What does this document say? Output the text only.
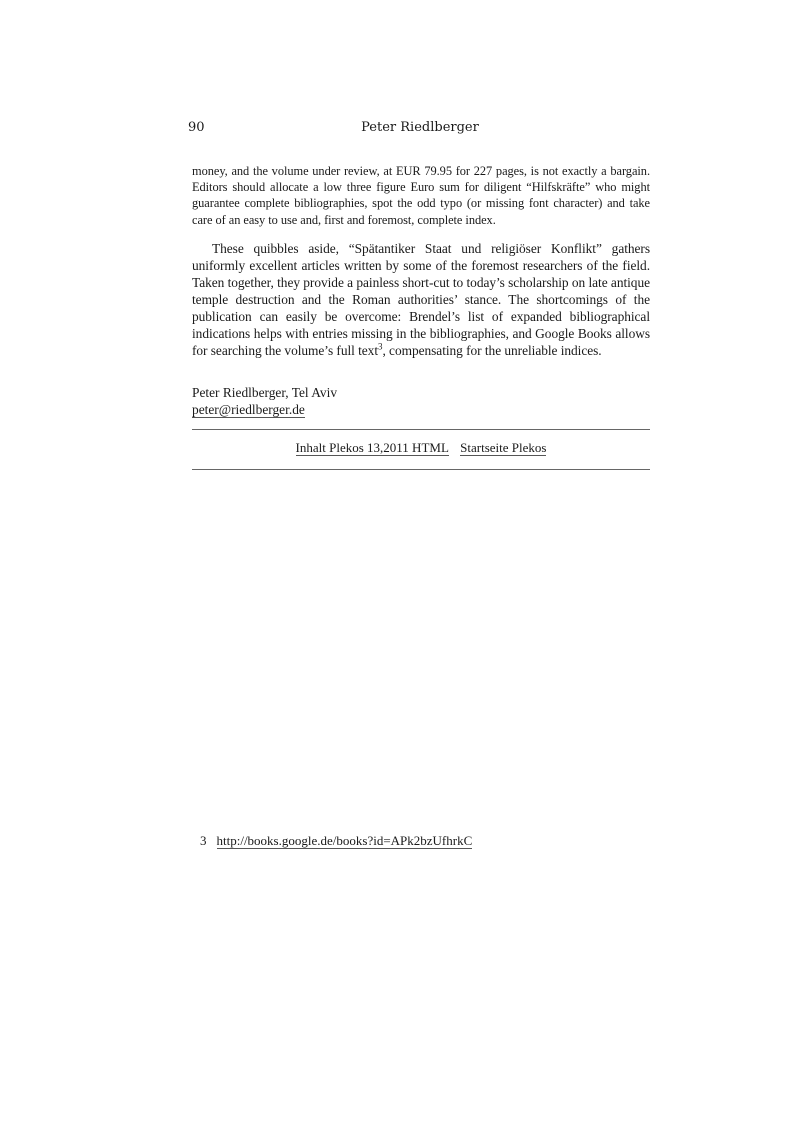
90	Peter Riedlberger
money, and the volume under review, at EUR 79.95 for 227 pages, is not exactly a bargain. Editors should allocate a low three figure Euro sum for diligent “Hilfskräfte” who might guarantee complete bibliographies, spot the odd typo (or missing font character) and take care of an easy to use and, first and foremost, complete index.
These quibbles aside, “Spätantiker Staat und religiöser Konflikt” gathers uniformly excellent articles written by some of the foremost researchers of the field. Taken together, they provide a painless short-cut to today’s scholarship on late antique temple destruction and the Roman authorities’ stance. The shortcomings of the publication can easily be overcome: Brendel’s list of expanded bibliographical indications helps with entries missing in the bibliographies, and Google Books allows for searching the volume’s full text$^3$, compensating for the unreliable indices.
Peter Riedlberger, Tel Aviv
peter@riedlberger.de
Inhalt Plekos 13,2011 HTML Startseite Plekos
3 http://books.google.de/books?id=APk2bzUfhrkC
